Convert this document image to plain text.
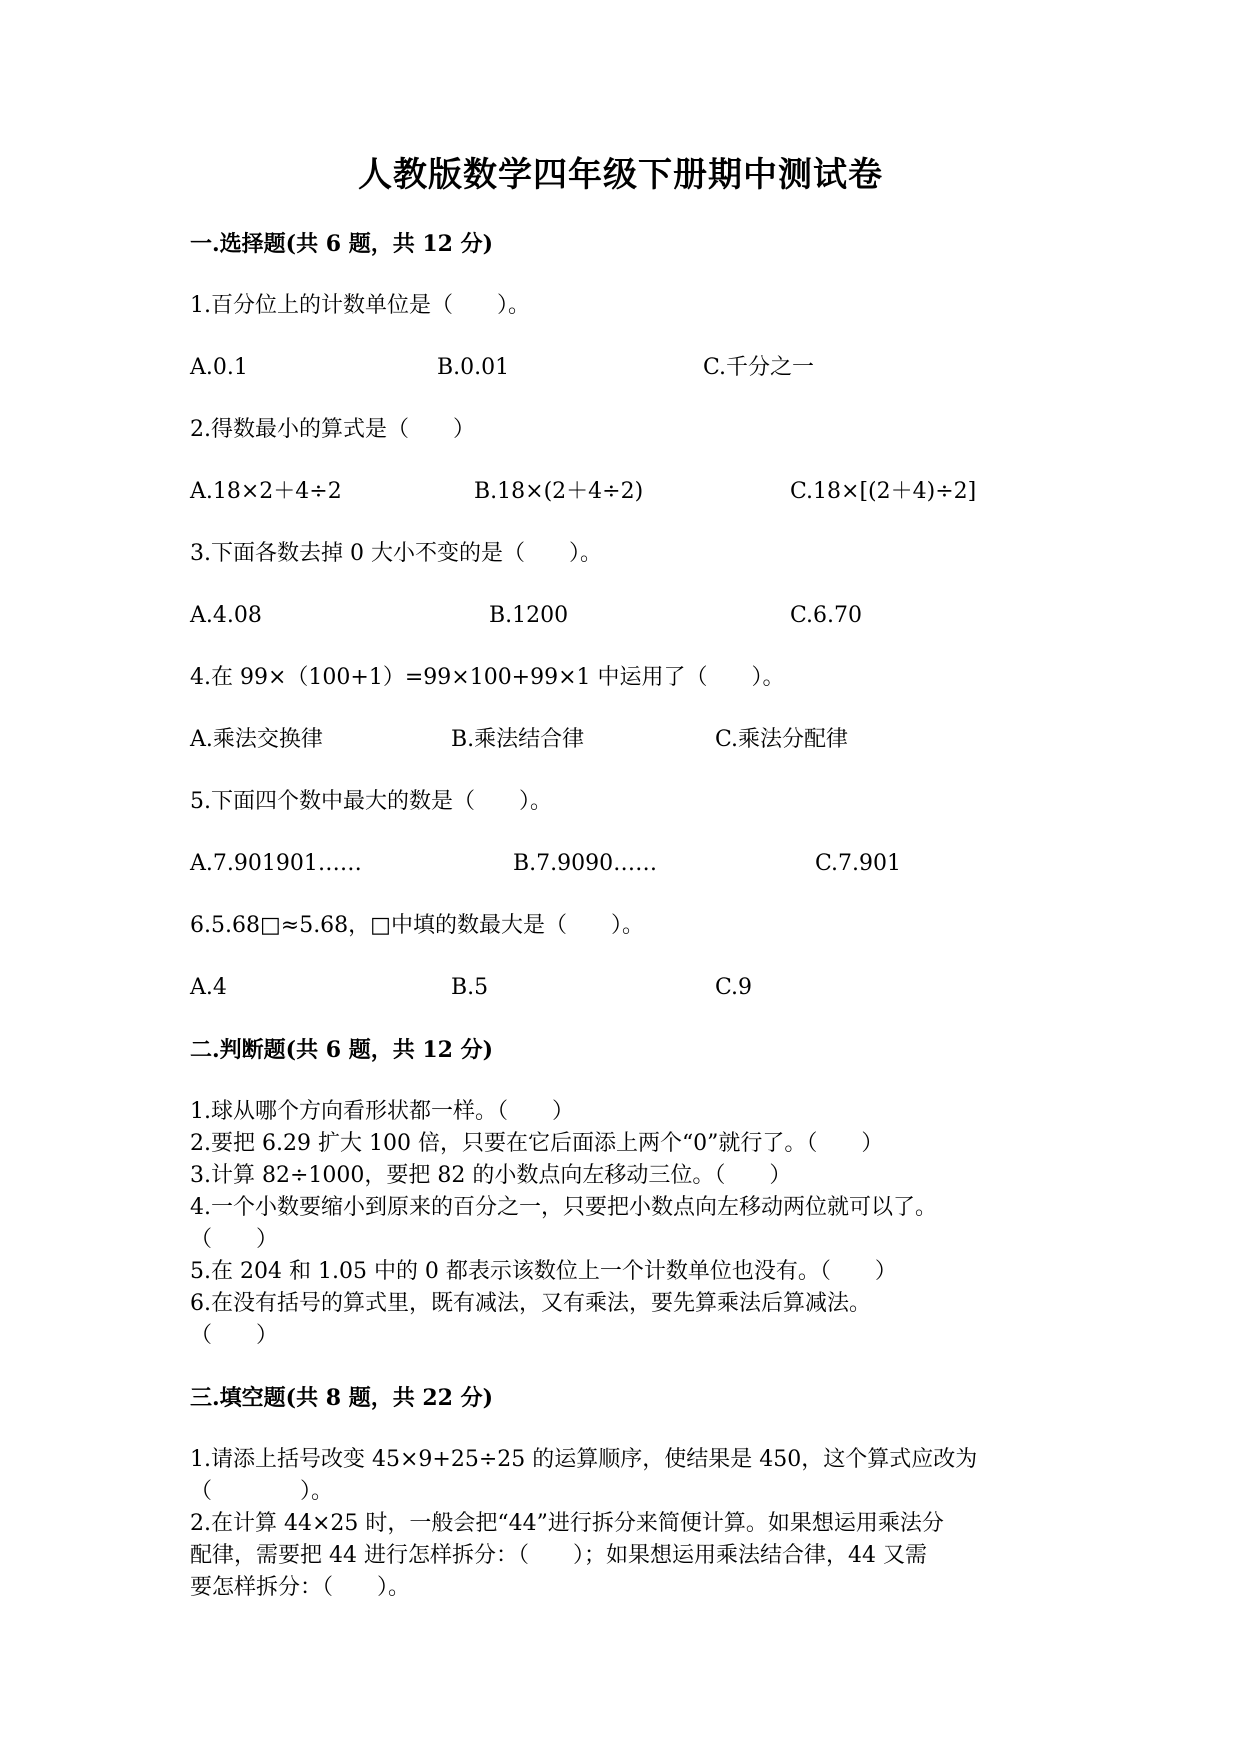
人教版数学四年级下册期中测试卷
一.选择题(共 6 题，共 12 分)
1.百分位上的计数单位是（　　）。
A.0.1	B.0.01	C.千分之一
2.得数最小的算式是（　　）
A.18×2＋4÷2	B.18×(2＋4÷2)	C.18×[(2＋4)÷2]
3.下面各数去掉 0 大小不变的是（　　）。
A.4.08	B.1200	C.6.70
4.在 99×（100+1）=99×100+99×1 中运用了（　　）。
A.乘法交换律	B.乘法结合律	C.乘法分配律
5.下面四个数中最大的数是（　　）。
A.7.901901……	B.7.9090……	C.7.901
6.5.68□≈5.68，□中填的数最大是（　　）。
A.4	B.5	C.9
二.判断题(共 6 题，共 12 分)
1.球从哪个方向看形状都一样。（　　）
2.要把 6.29 扩大 100 倍，只要在它后面添上两个“0”就行了。（　　）
3.计算 82÷1000，要把 82 的小数点向左移动三位。（　　）
4.一个小数要缩小到原来的百分之一，只要把小数点向左移动两位就可以了。
（　　）
5.在 204 和 1.05 中的 0 都表示该数位上一个计数单位也没有。（　　）
6.在没有括号的算式里，既有减法，又有乘法，要先算乘法后算减法。
（　　）
三.填空题(共 8 题，共 22 分)
1.请添上括号改变 45×9+25÷25 的运算顺序，使结果是 450，这个算式应改为
（　　　　）。
2.在计算 44×25 时，一般会把“44”进行拆分来简便计算。如果想运用乘法分
配律，需要把 44 进行怎样拆分：（　　）；如果想运用乘法结合律，44 又需
要怎样拆分：（　　）。
